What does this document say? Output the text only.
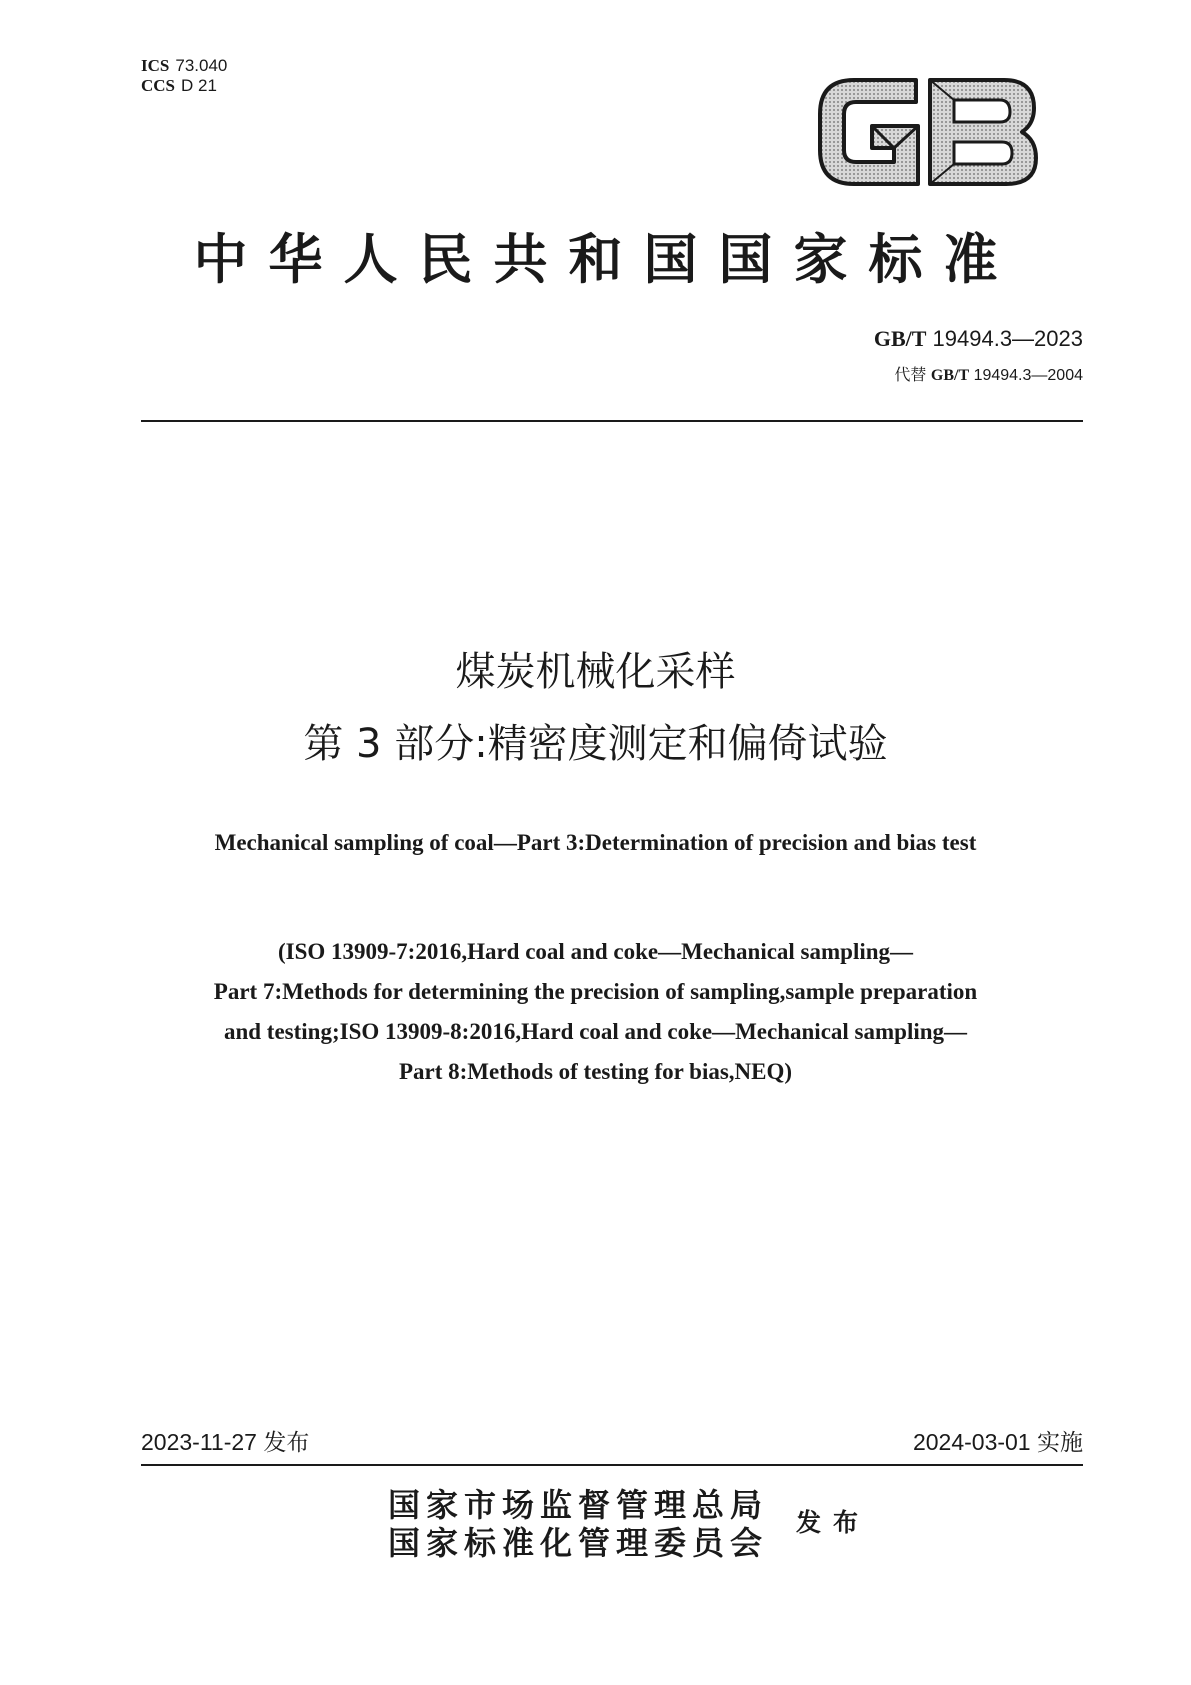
ICS 73.040
CCS D 21
GB
中华人民共和国国家标准
GB/T 19494.3—2023
代替 GB/T 19494.3—2004
煤炭机械化采样
第 3 部分:精密度测定和偏倚试验
Mechanical sampling of coal—Part 3:Determination of precision and bias test
(ISO 13909-7:2016,Hard coal and coke—Mechanical sampling—
Part 7:Methods for determining the precision of sampling,sample preparation
and testing;ISO 13909-8:2016,Hard coal and coke—Mechanical sampling—
Part 8:Methods of testing for bias,NEQ)
2023-11-27 发布	2024-03-01 实施
国家市场监督管理总局
国家标准化管理委员会
发布
